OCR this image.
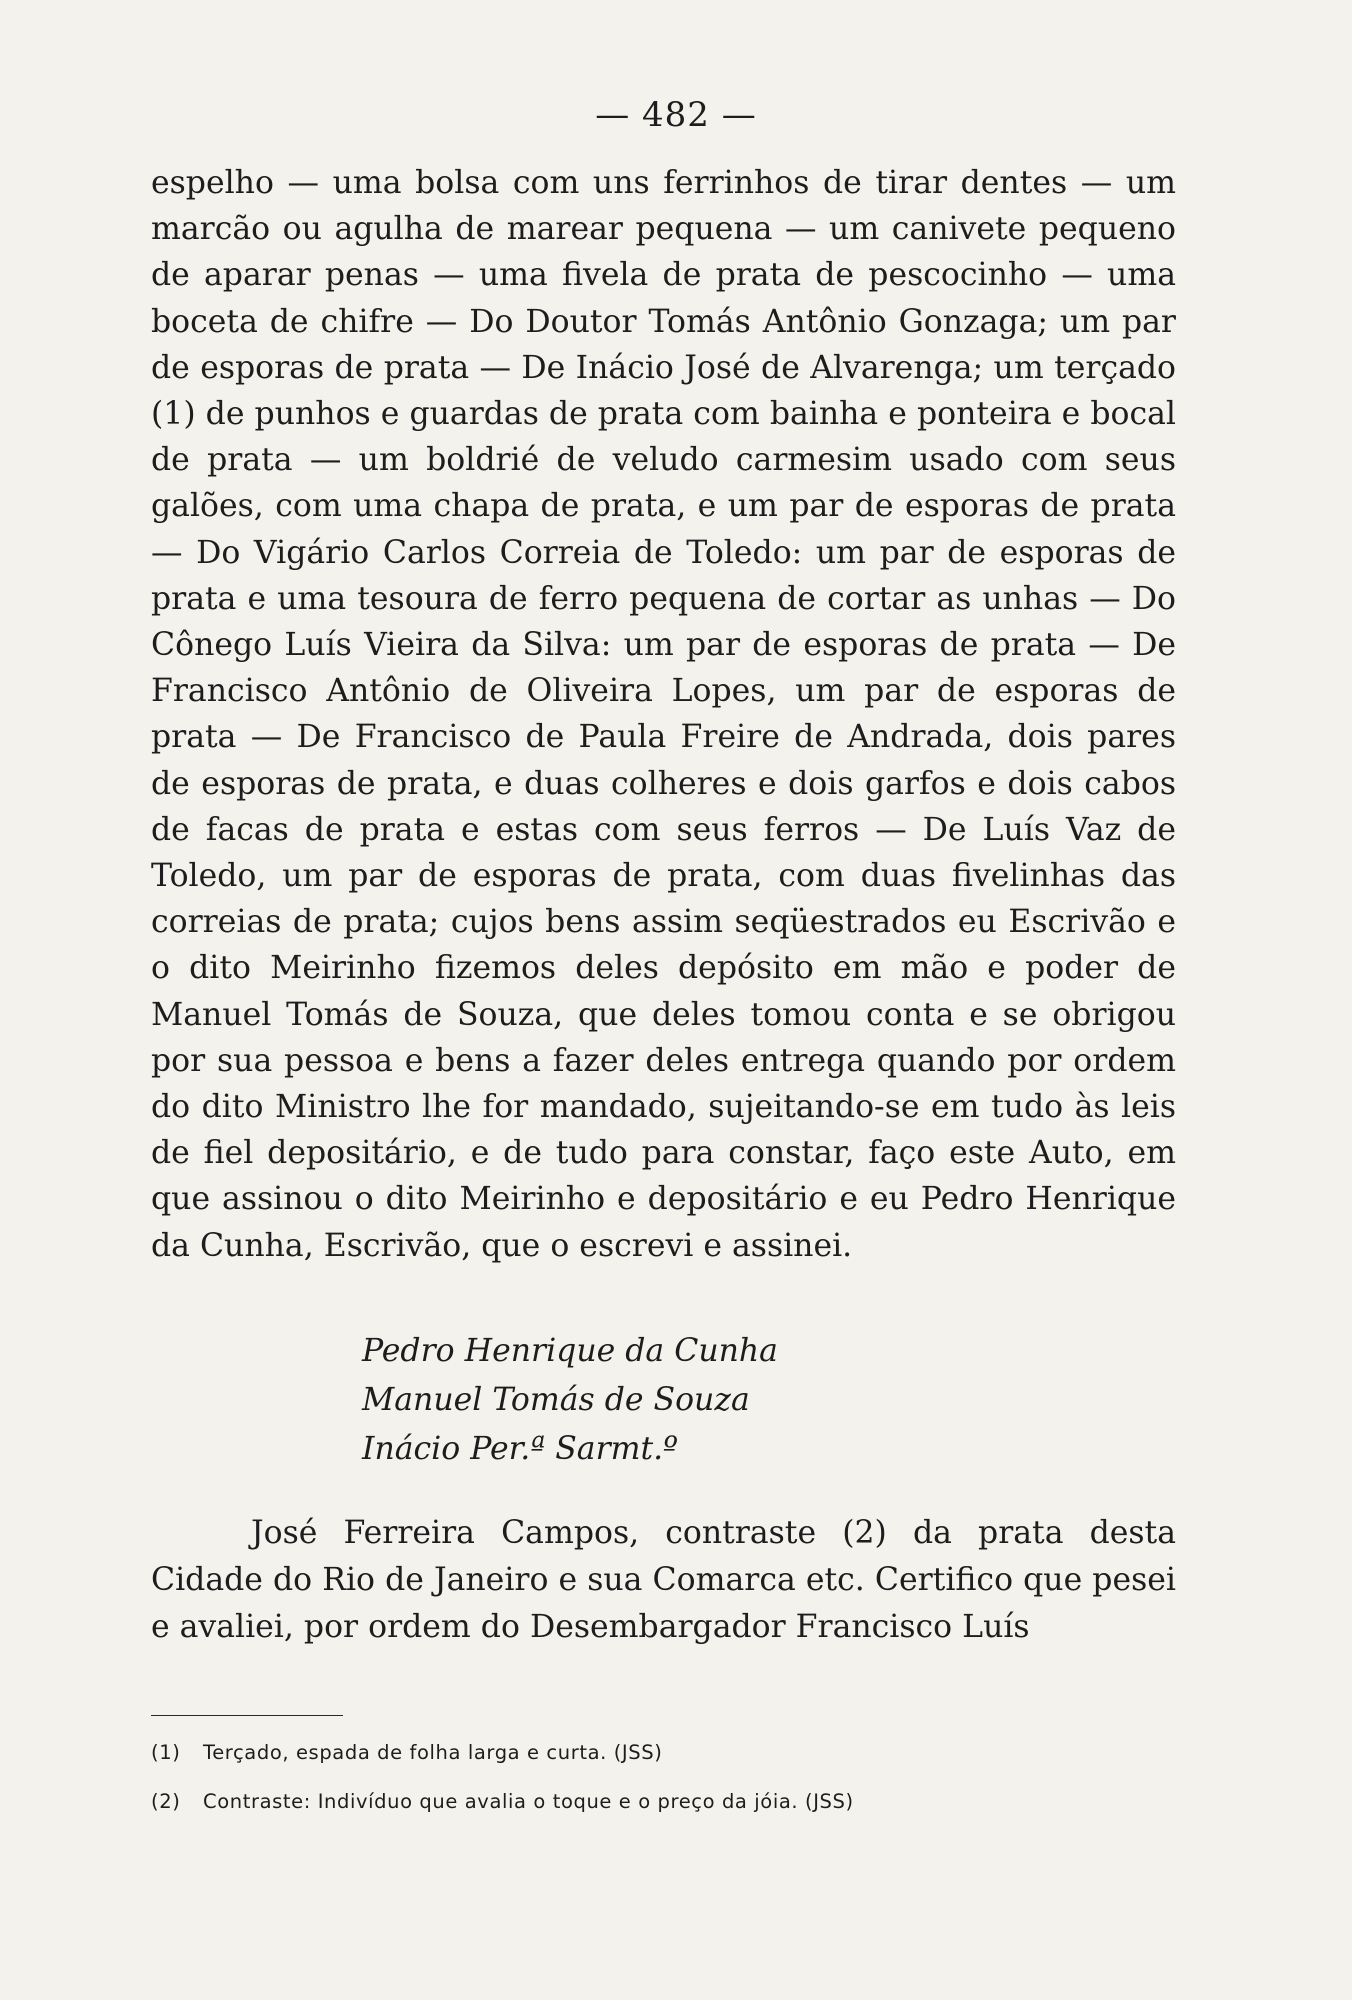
— 482 —

espelho — uma bolsa com uns ferrinhos de tirar dentes — um marcão ou agulha de marear pequena — um canivete pequeno de aparar penas — uma fivela de prata de pescocinho — uma boceta de chifre — Do Doutor Tomás Antônio Gonzaga; um par de esporas de prata — De Inácio José de Alvarenga; um terçado (1) de punhos e guardas de prata com bainha e ponteira e bocal de prata — um boldrié de veludo carmesim usado com seus galões, com uma chapa de prata, e um par de esporas de prata — Do Vigário Carlos Correia de Toledo: um par de esporas de prata e uma tesoura de ferro pequena de cortar as unhas — Do Cônego Luís Vieira da Silva: um par de esporas de prata — De Francisco Antônio de Oliveira Lopes, um par de esporas de prata — De Francisco de Paula Freire de Andrada, dois pares de esporas de prata, e duas colheres e dois garfos e dois cabos de facas de prata e estas com seus ferros — De Luís Vaz de Toledo, um par de esporas de prata, com duas fivelinhas das correias de prata; cujos bens assim seqüestrados eu Escrivão e o dito Meirinho fizemos deles depósito em mão e poder de Manuel Tomás de Souza, que deles tomou conta e se obrigou por sua pessoa e bens a fazer deles entrega quando por ordem do dito Ministro lhe for mandado, sujeitando-se em tudo às leis de fiel depositário, e de tudo para constar, faço este Auto, em que assinou o dito Meirinho e depositário e eu Pedro Henrique da Cunha, Escrivão, que o escrevi e assinei.

Pedro Henrique da Cunha
Manuel Tomás de Souza
Inácio Per.ª Sarmt.º

José Ferreira Campos, contraste (2) da prata desta Cidade do Rio de Janeiro e sua Comarca etc. Certifico que pesei e avaliei, por ordem do Desembargador Francisco Luís

(1) Terçado, espada de folha larga e curta. (JSS)
(2) Contraste: Indivíduo que avalia o toque e o preço da jóia. (JSS)
